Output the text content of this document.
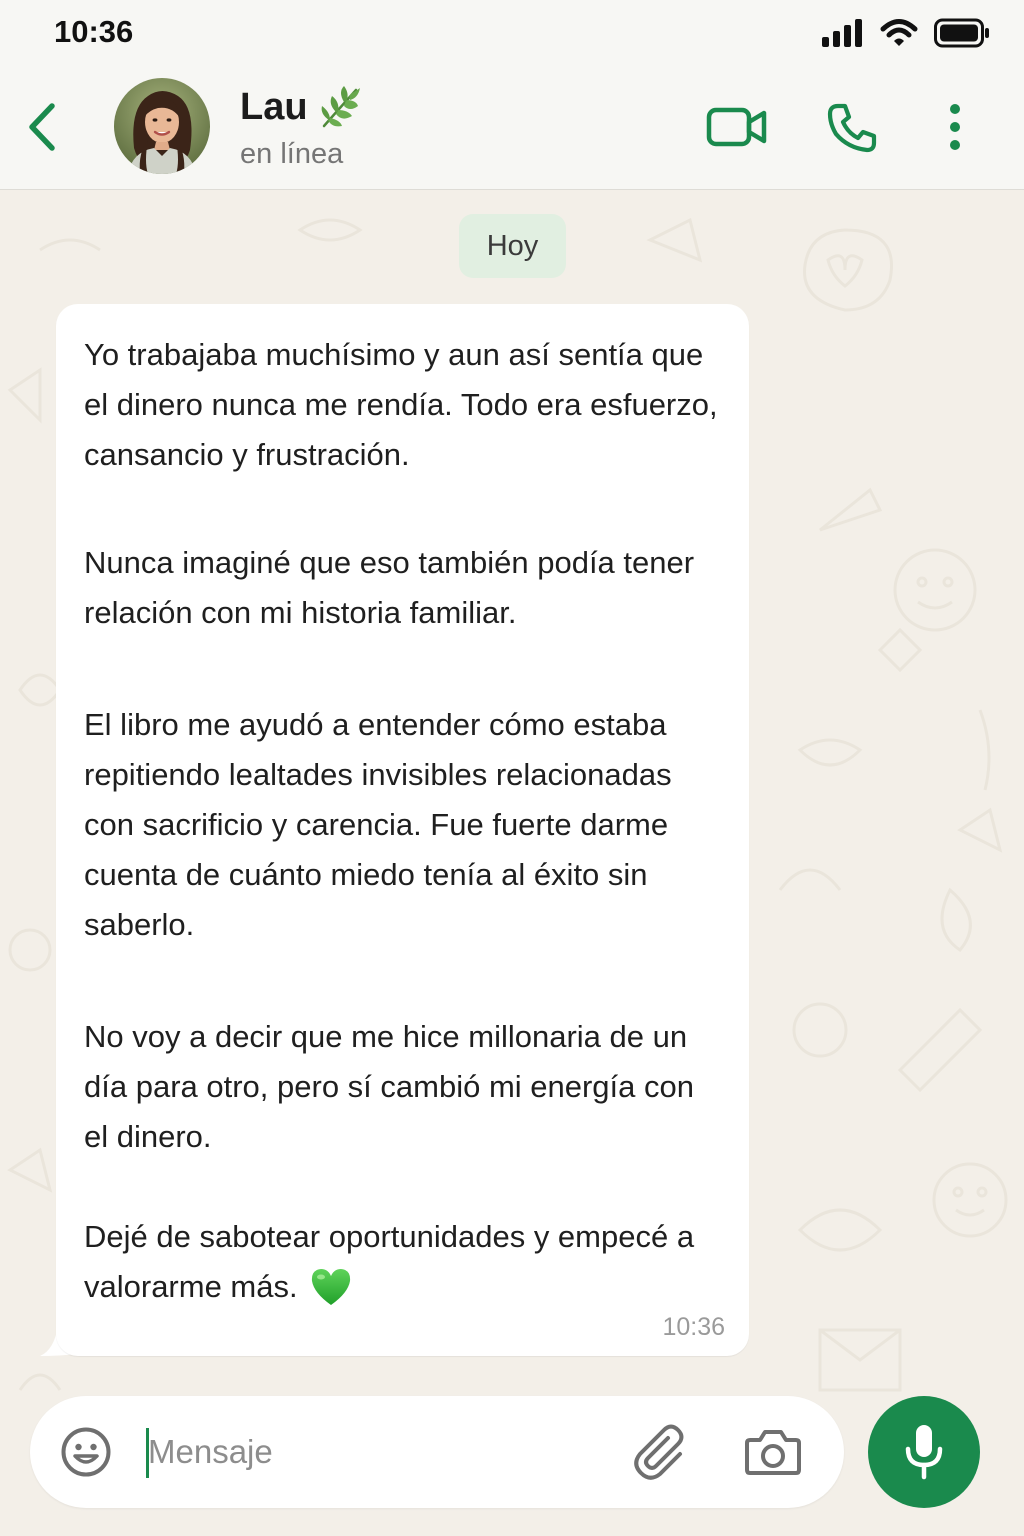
10:36
Lau
en línea
Hoy

Yo trabajaba muchísimo y aun así sentía que el dinero nunca me rendía. Todo era esfuerzo, cansancio y frustración.

Nunca imaginé que eso también podía tener relación con mi historia familiar.

El libro me ayudó a entender cómo estaba repitiendo lealtades invisibles relacionadas con sacrificio y carencia. Fue fuerte darme cuenta de cuánto miedo tenía al éxito sin saberlo.

No voy a decir que me hice millonaria de un día para otro, pero sí cambió mi energía con el dinero.

Dejé de sabotear oportunidades y empecé a valorarme más.

10:36
Mensaje
